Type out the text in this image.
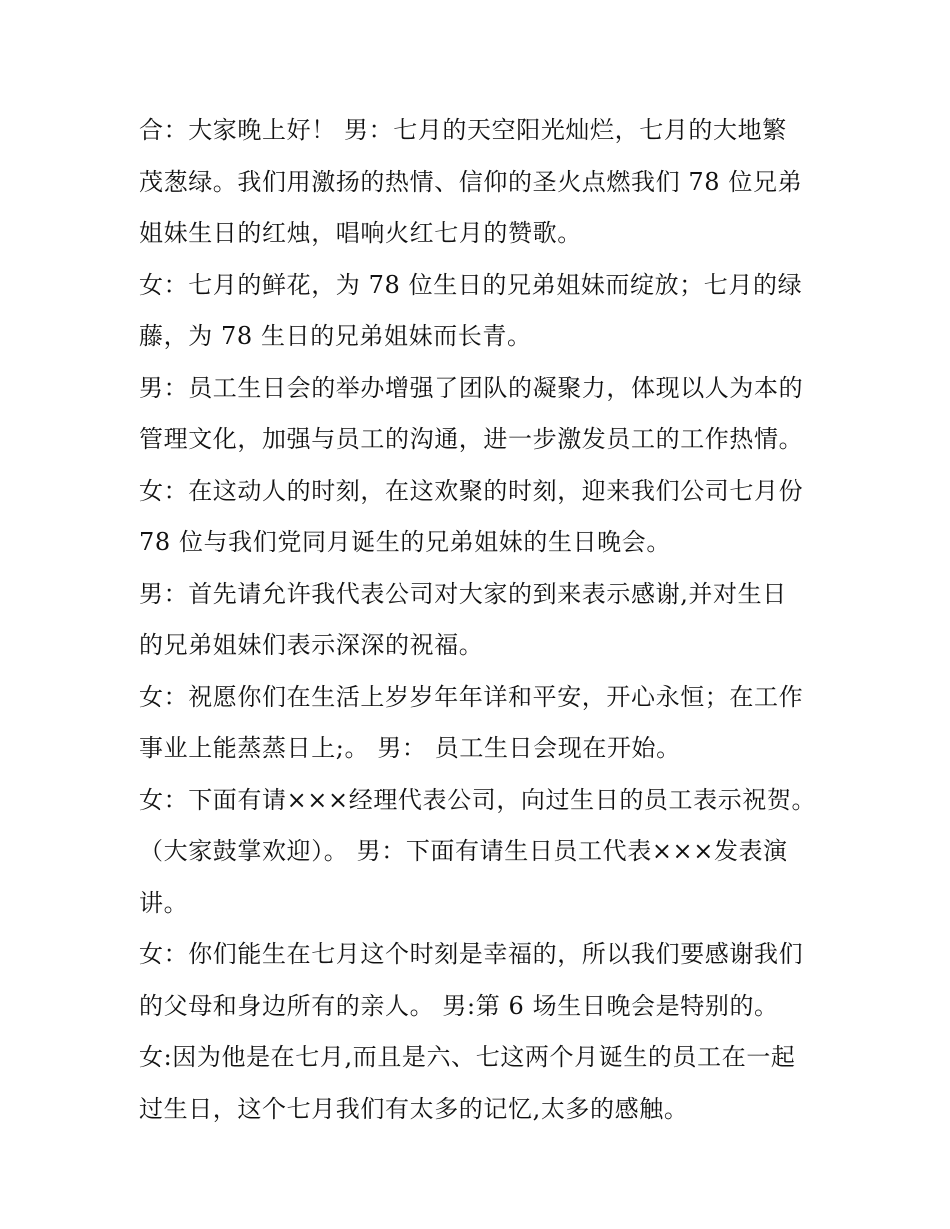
合：大家晚上好！ 男：七月的天空阳光灿烂，七月的大地繁
茂葱绿。我们用激扬的热情、信仰的圣火点燃我们 78 位兄弟
姐妹生日的红烛，唱响火红七月的赞歌。
女：七月的鲜花，为 78 位生日的兄弟姐妹而绽放；七月的绿
藤，为 78 生日的兄弟姐妹而长青。
男：员工生日会的举办增强了团队的凝聚力，体现以人为本的
管理文化，加强与员工的沟通，进一步激发员工的工作热情。
女：在这动人的时刻，在这欢聚的时刻，迎来我们公司七月份
78 位与我们党同月诞生的兄弟姐妹的生日晚会。
男：首先请允许我代表公司对大家的到来表示感谢,并对生日
的兄弟姐妹们表示深深的祝福。
女：祝愿你们在生活上岁岁年年详和平安，开心永恒；在工作
事业上能蒸蒸日上;。 男： 员工生日会现在开始。
女：下面有请×××经理代表公司，向过生日的员工表示祝贺。
（大家鼓掌欢迎）。 男：下面有请生日员工代表×××发表演
讲。
女：你们能生在七月这个时刻是幸福的，所以我们要感谢我们
的父母和身边所有的亲人。 男:第 6 场生日晚会是特别的。
女:因为他是在七月,而且是六、七这两个月诞生的员工在一起
过生日，这个七月我们有太多的记忆,太多的感触。
